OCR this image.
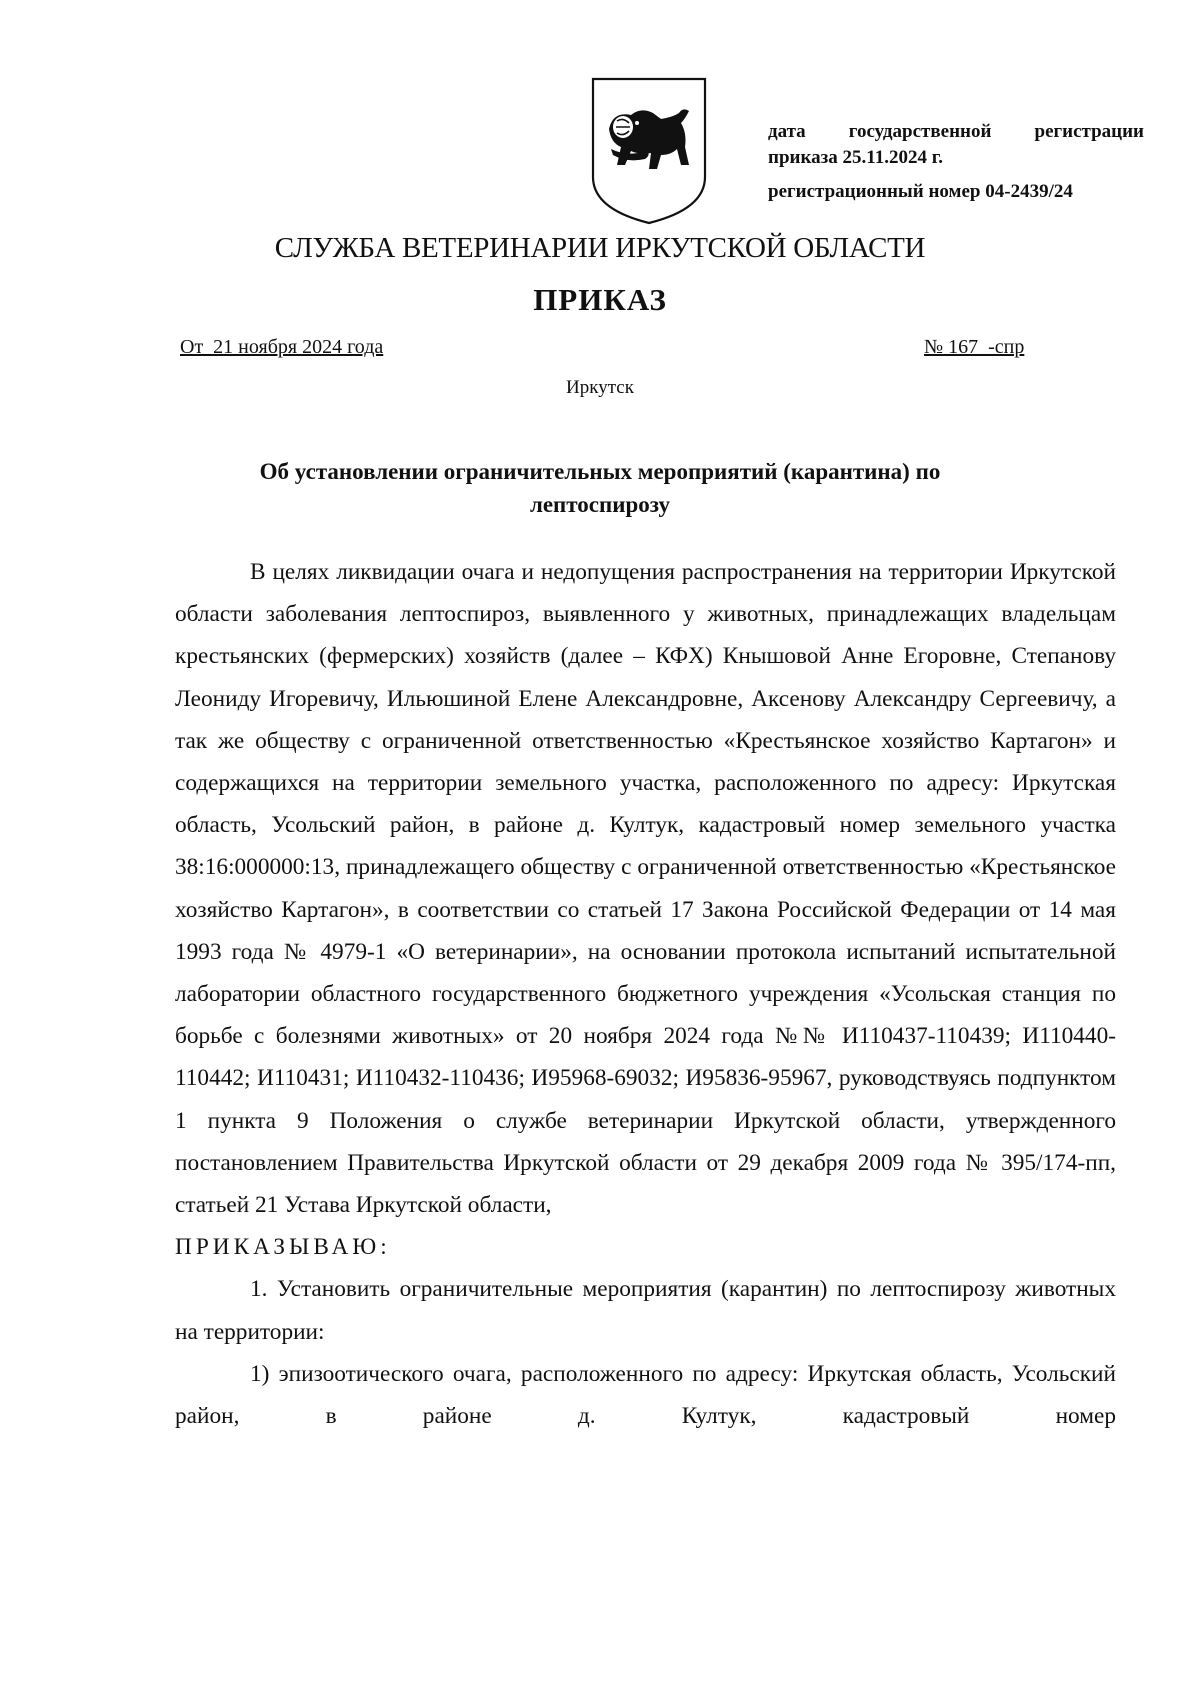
дата государственной регистрации
приказа 25.11.2024 г.
регистрационный номер 04-2439/24
СЛУЖБА ВЕТЕРИНАРИИ ИРКУТСКОЙ ОБЛАСТИ
ПРИКАЗ
От  21 ноября 2024 года	№ 167  -спр
Иркутск
Об установлении ограничительных мероприятий (карантина) по лептоспирозу

В целях ликвидации очага и недопущения распространения на территории Иркутской области заболевания лептоспироз, выявленного у животных, принадлежащих владельцам крестьянских (фермерских) хозяйств (далее – КФХ) Кнышовой Анне Егоровне, Степанову Леониду Игоревичу, Ильюшиной Елене Александровне, Аксенову Александру Сергеевичу, а так же обществу с ограниченной ответственностью «Крестьянское хозяйство Картагон» и содержащихся на территории земельного участка, расположенного по адресу: Иркутская область, Усольский район, в районе д. Култук, кадастровый номер земельного участка 38:16:000000:13, принадлежащего обществу с ограниченной ответственностью «Крестьянское хозяйство Картагон», в соответствии со статьей 17 Закона Российской Федерации от 14 мая 1993 года № 4979-1 «О ветеринарии», на основании протокола испытаний испытательной лаборатории областного государственного бюджетного учреждения «Усольская станция по борьбе с болезнями животных» от 20 ноября 2024 года №№ И110437-110439; И110440-110442; И110431; И110432-110436; И95968-69032; И95836-95967, руководствуясь подпунктом 1 пункта 9 Положения о службе ветеринарии Иркутской области, утвержденного постановлением Правительства Иркутской области от 29 декабря 2009 года № 395/174-пп, статьей 21 Устава Иркутской области,

ПРИКАЗЫВАЮ:

1. Установить ограничительные мероприятия (карантин) по лептоспирозу животных на территории:

1) эпизоотического очага, расположенного по адресу: Иркутская область, Усольский район, в районе д. Култук, кадастровый номер
